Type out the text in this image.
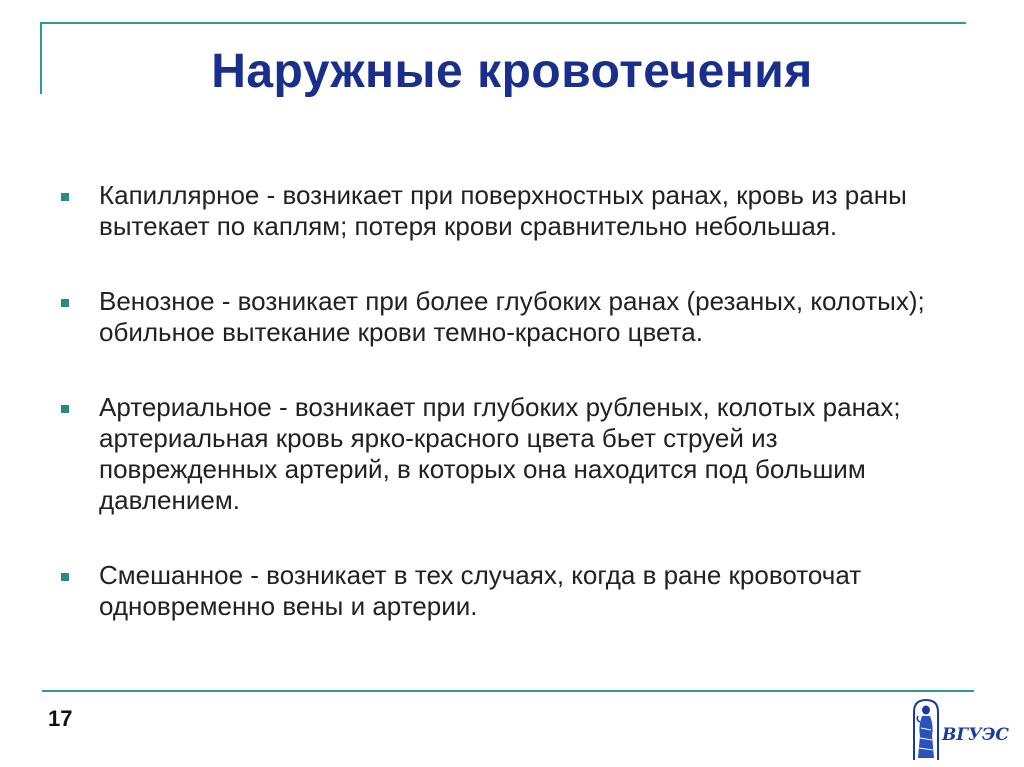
Наружные кровотечения
Капиллярное - возникает при поверхностных ранах, кровь из раны вытекает по каплям; потеря крови сравнительно небольшая.
Венозное - возникает при более глубоких ранах (резаных, колотых); обильное вытекание крови темно-красного цвета.
Артериальное - возникает при глубоких рубленых, колотых ранах; артериальная кровь ярко-красного цвета бьет струей из поврежденных артерий, в которых она находится под большим давлением.
Смешанное - возникает в тех случаях, когда в ране кровоточат одновременно вены и артерии.
17
ВГУЭС
